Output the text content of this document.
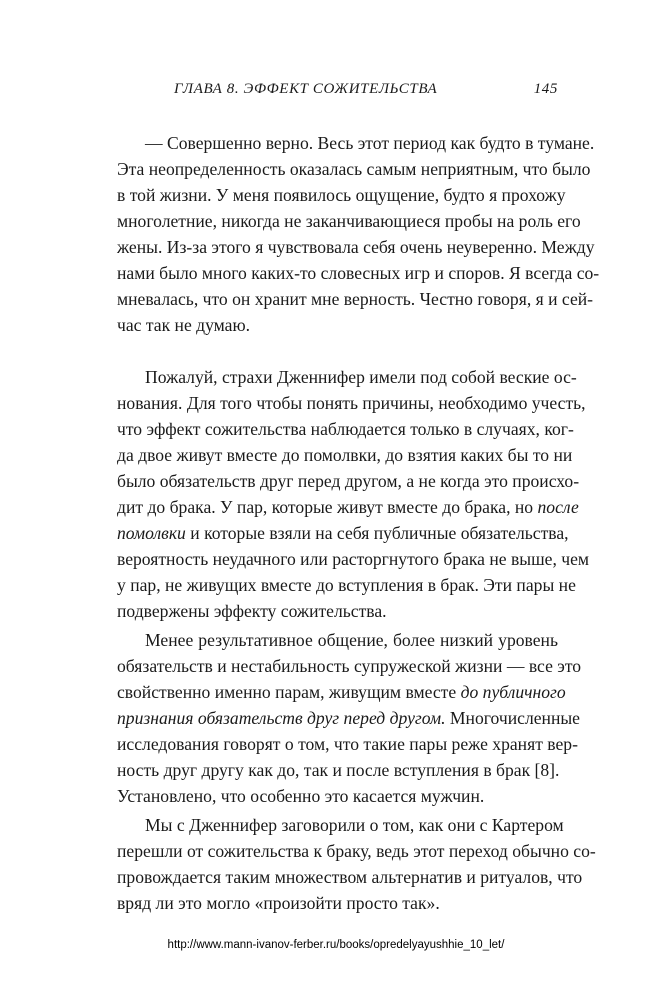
ГЛАВА 8. ЭФФЕКТ СОЖИТЕЛЬСТВА	145
— Совершенно верно. Весь этот период как будто в тумане.
Эта неопределенность оказалась самым неприятным, что было
в той жизни. У меня появилось ощущение, будто я прохожу
многолетние, никогда не заканчивающиеся пробы на роль его
жены. Из-за этого я чувствовала себя очень неуверенно. Между
нами было много каких-то словесных игр и споров. Я всегда со-
мневалась, что он хранит мне верность. Честно говоря, я и сей-
час так не думаю.
Пожалуй, страхи Дженнифер имели под собой веские ос-
нования. Для того чтобы понять причины, необходимо учесть,
что эффект сожительства наблюдается только в случаях, ког-
да двое живут вместе до помолвки, до взятия каких бы то ни
было обязательств друг перед другом, а не когда это происхо-
дит до брака. У пар, которые живут вместе до брака, но после
помолвки и которые взяли на себя публичные обязательства,
вероятность неудачного или расторгнутого брака не выше, чем
у пар, не живущих вместе до вступления в брак. Эти пары не
подвержены эффекту сожительства.
Менее результативное общение, более низкий уровень
обязательств и нестабильность супружеской жизни — все это
свойственно именно парам, живущим вместе до публичного
признания обязательств друг перед другом. Многочисленные
исследования говорят о том, что такие пары реже хранят вер-
ность друг другу как до, так и после вступления в брак [8].
Установлено, что особенно это касается мужчин.
Мы с Дженнифер заговорили о том, как они с Картером
перешли от сожительства к браку, ведь этот переход обычно со-
провождается таким множеством альтернатив и ритуалов, что
вряд ли это могло «произойти просто так».
http://www.mann-ivanov-ferber.ru/books/opredelyayushhie_10_let/
